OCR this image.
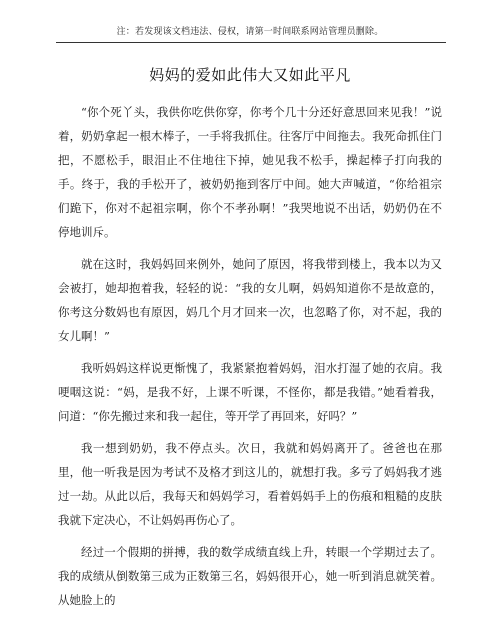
注：若发现该文档违法、侵权，请第一时间联系网站管理员删除。
妈妈的爱如此伟大又如此平凡

“你个死丫头，我供你吃供你穿，你考个几十分还好意思回来见我！”说着，奶奶拿起一根木棒子，一手将我抓住。往客厅中间拖去。我死命抓住门把，不愿松手，眼泪止不住地往下掉，她见我不松手，操起棒子打向我的手。终于，我的手松开了，被奶奶拖到客厅中间。她大声喊道，“你给祖宗们跪下，你对不起祖宗啊，你个不孝孙啊！”我哭地说不出话，奶奶仍在不停地训斥。

就在这时，我妈妈回来例外，她问了原因，将我带到楼上，我本以为又会被打，她却抱着我，轻轻的说：“我的女儿啊，妈妈知道你不是故意的，你考这分数妈也有原因，妈几个月才回来一次，也忽略了你，对不起，我的女儿啊！”

我听妈妈这样说更惭愧了，我紧紧抱着妈妈，泪水打湿了她的衣肩。我哽咽这说：“妈，是我不好，上课不听课，不怪你，都是我错。”她看着我，问道：“你先搬过来和我一起住，等开学了再回来，好吗？”

我一想到奶奶，我不停点头。次日，我就和妈妈离开了。爸爸也在那里，他一听我是因为考试不及格才到这儿的，就想打我。多亏了妈妈我才逃过一劫。从此以后，我每天和妈妈学习，看着妈妈手上的伤痕和粗糙的皮肤我就下定决心，不让妈妈再伤心了。

经过一个假期的拼搏，我的数学成绩直线上升，转眼一个学期过去了。我的成绩从倒数第三成为正数第三名，妈妈很开心，她一听到消息就笑着。从她脸上的
